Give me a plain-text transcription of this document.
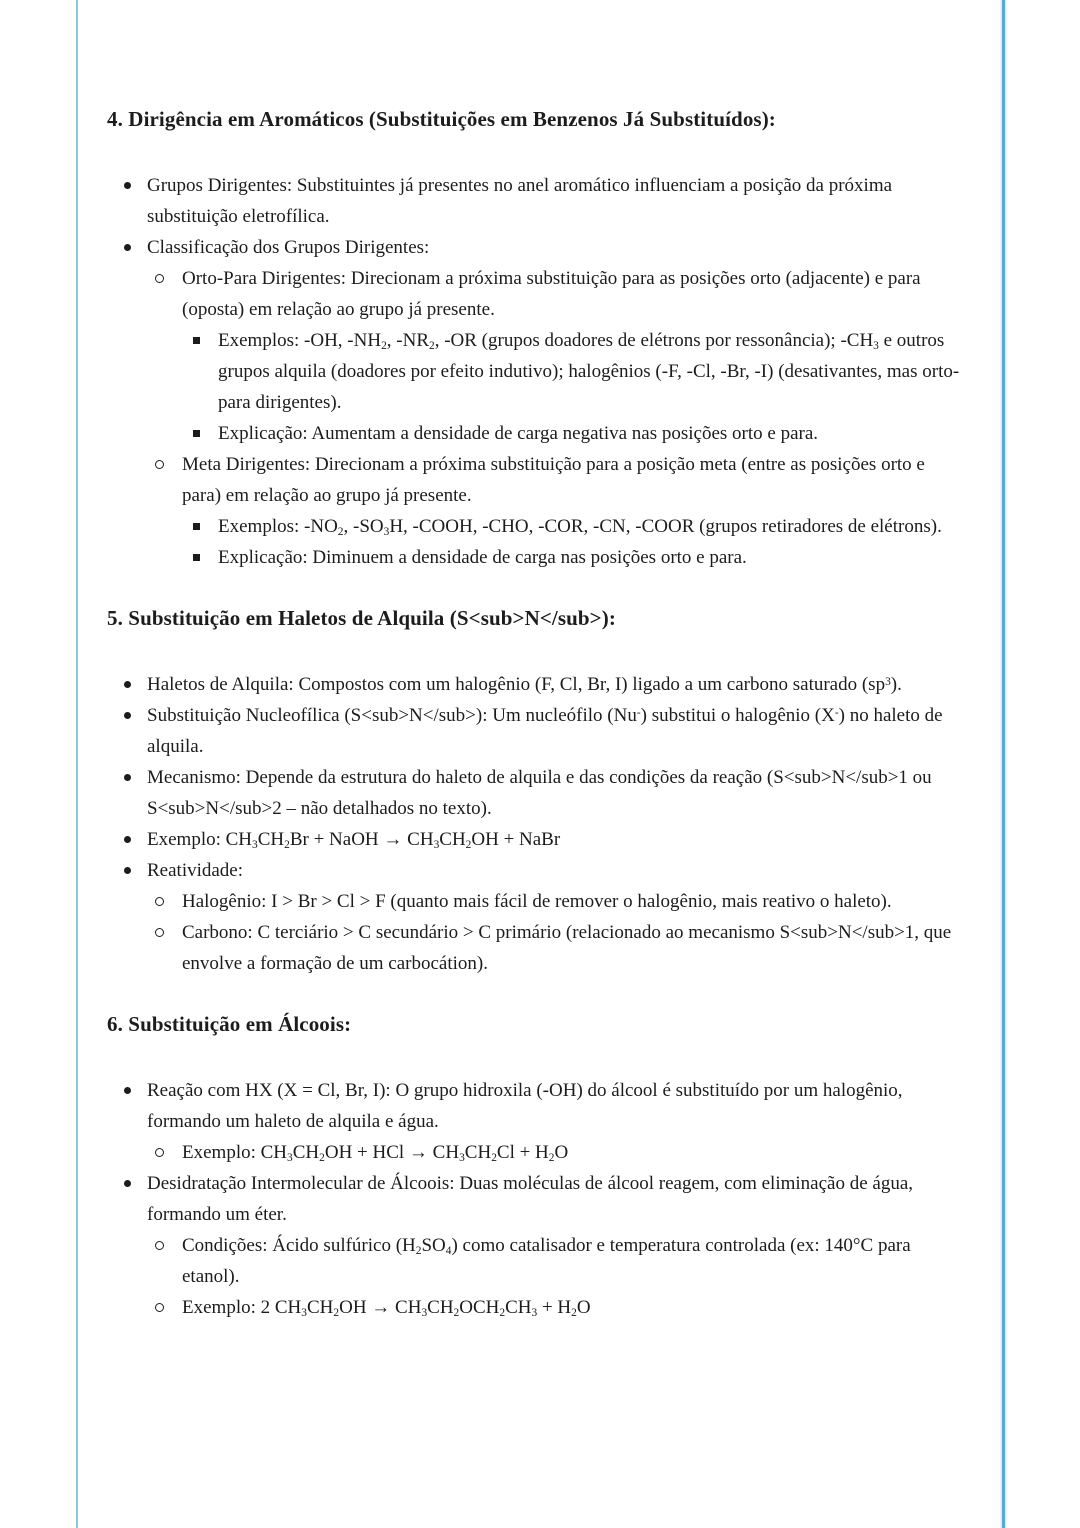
4. Dirigência em Aromáticos (Substituições em Benzenos Já Substituídos):
Grupos Dirigentes: Substituintes já presentes no anel aromático influenciam a posição da próxima substituição eletrofílica.
Classificação dos Grupos Dirigentes:
Orto-Para Dirigentes: Direcionam a próxima substituição para as posições orto (adjacente) e para (oposta) em relação ao grupo já presente.
Exemplos: -OH, $-NH_2$, $-NR_2$, -OR (grupos doadores de elétrons por ressonância); $-CH_3$ e outros grupos alquila (doadores por efeito indutivo); halogênios (-F, -Cl, -Br, -I) (desativantes, mas orto-para dirigentes).
Explicação: Aumentam a densidade de carga negativa nas posições orto e para.
Meta Dirigentes: Direcionam a próxima substituição para a posição meta (entre as posições orto e para) em relação ao grupo já presente.
Exemplos: $-NO_2$, $-SO_3H$, -COOH, -CHO, -COR, -CN, -COOR (grupos retiradores de elétrons).
Explicação: Diminuem a densidade de carga nas posições orto e para.
5. Substituição em Haletos de Alquila (S<sub>N</sub>):
Haletos de Alquila: Compostos com um halogênio (F, Cl, Br, I) ligado a um carbono saturado $(sp^3)$.
Substituição Nucleofílica (S<sub>N</sub>): Um nucleófilo (Nu-) substitui o halogênio (X-) no haleto de alquila.
Mecanismo: Depende da estrutura do haleto de alquila e das condições da reação (S<sub>N</sub>1 ou S<sub>N</sub>2 – não detalhados no texto).
Exemplo: $CH_3CH_2Br$ + NaOH → $CH_3CH_2OH$ + NaBr
Reatividade:
Halogênio: I > Br > Cl > F (quanto mais fácil de remover o halogênio, mais reativo o haleto).
Carbono: C terciário > C secundário > C primário (relacionado ao mecanismo S<sub>N</sub>1, que envolve a formação de um carbocátion).
6. Substituição em Álcoois:
Reação com HX (X = Cl, Br, I): O grupo hidroxila (-OH) do álcool é substituído por um halogênio, formando um haleto de alquila e água.
Exemplo: $CH_3CH_2OH$ + HCl → $CH_3CH_2Cl + H_2O$
Desidratação Intermolecular de Álcoois: Duas moléculas de álcool reagem, com eliminação de água, formando um éter.
Condições: Ácido sulfúrico $(H_2SO_4)$ como catalisador e temperatura controlada (ex: 140°C para etanol).
Exemplo: 2 $CH_3CH_2OH \to CH_3CH_2OCH_2CH_3 + H_2O$
